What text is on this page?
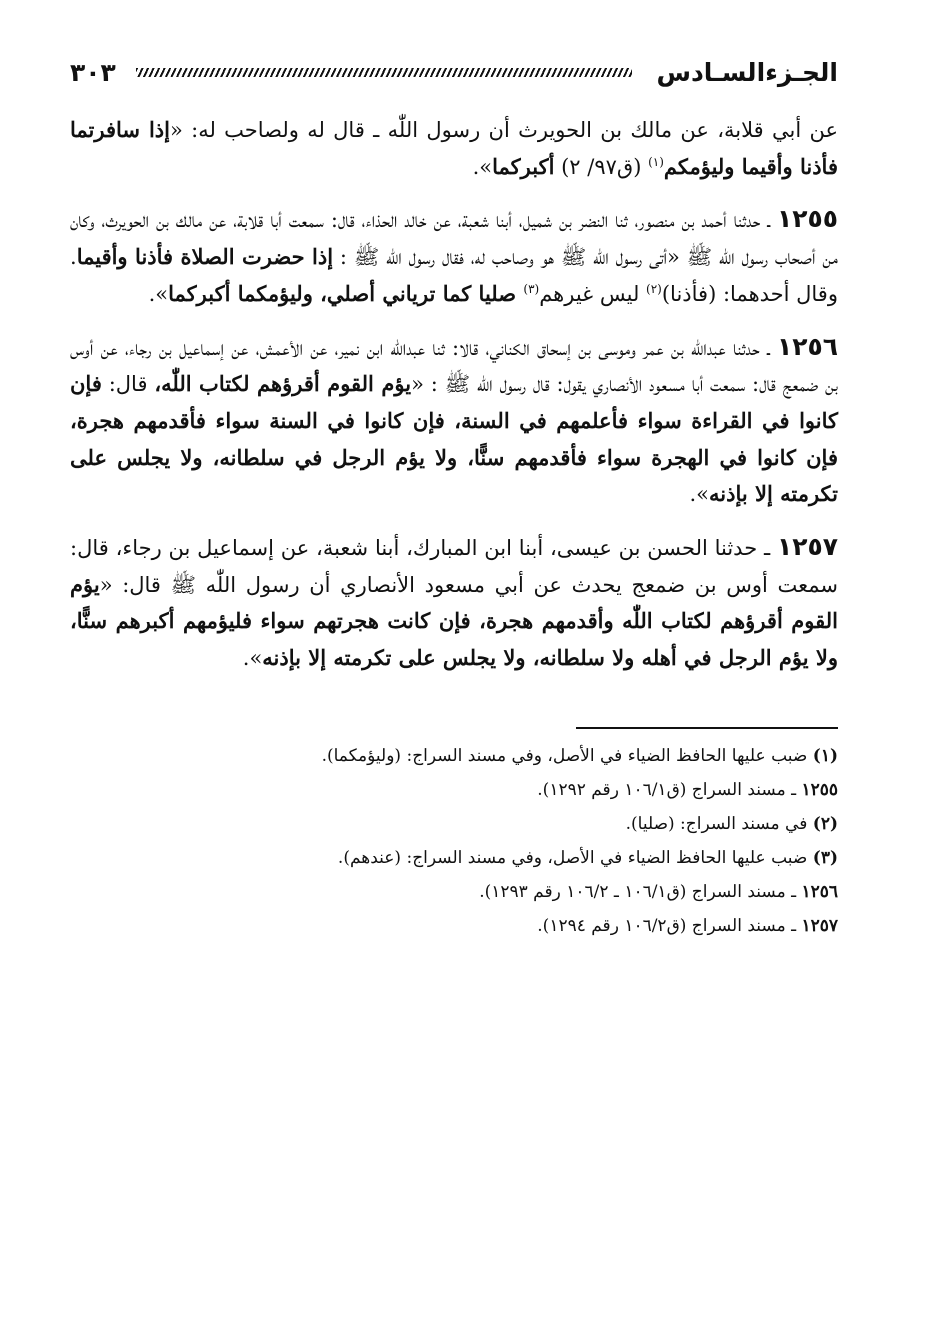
الجـزءالسـادس
٣٠٣

عن أبي قلابة، عن مالك بن الحويرث أن رسول اللّٰه ـ قال له ولصاحب له: «إذا سافرتما فأذنا وأقيما وليؤمكم$^{(١)}$ (ق٩٧/ ٢) أكبركما».

١٢٥٥ ـ حدثنا أحمد بن منصور، ثنا النضر بن شميل، أبنا شعبة، عن خالد الحذاء، قال: سمعت أبا قلابة، عن مالك بن الحويرث، وكان من أصحاب رسول اللّٰه ﷺ «أتى رسول اللّٰه ﷺ هو وصاحب له، فقال رسول اللّٰه ﷺ : إذا حضرت الصلاة فأذنا وأقيما. وقال أحدهما: (فأذنا)$^{(٢)}$ ليس غيرهم$^{(٣)}$ صليا كما ترياني أصلي، وليؤمكما أكبركما».

١٢٥٦ ـ حدثنا عبداللّٰه بن عمر وموسى بن إسحاق الكناني، قالا: ثنا عبداللّٰه ابن نمير، عن الأعمش، عن إسماعيل بن رجاء، عن أوس بن ضمعج قال: سمعت أبا مسعود الأنصاري يقول: قال رسول اللّٰه ﷺ : «يؤم القوم أقرؤهم لكتاب اللّٰه، قال: فإن كانوا في القراءة سواء فأعلمهم في السنة، فإن كانوا في السنة سواء فأقدمهم هجرة، فإن كانوا في الهجرة سواء فأقدمهم سنًّا، ولا يؤم الرجل في سلطانه، ولا يجلس على تكرمته إلا بإذنه».

١٢٥٧ ـ حدثنا الحسن بن عيسى، أبنا ابن المبارك، أبنا شعبة، عن إسماعيل بن رجاء، قال: سمعت أوس بن ضمعج يحدث عن أبي مسعود الأنصاري أن رسول اللّٰه ﷺ قال: «يؤم القوم أقرؤهم لكتاب اللّٰه وأقدمهم هجرة، فإن كانت هجرتهم سواء فليؤمهم أكبرهم سنًّا، ولا يؤم الرجل في أهله ولا سلطانه، ولا يجلس على تكرمته إلا بإذنه».

(١) ضبب عليها الحافظ الضياء في الأصل، وفي مسند السراج: (وليؤمكما).
١٢٥٥ ـ مسند السراج (ق١٠٦/١ رقم ١٢٩٢).
(٢) في مسند السراج: (صليا).
(٣) ضبب عليها الحافظ الضياء في الأصل، وفي مسند السراج: (عندهم).
١٢٥٦ ـ مسند السراج (ق١٠٦/١ ـ ١٠٦/٢ رقم ١٢٩٣).
١٢٥٧ ـ مسند السراج (ق١٠٦/٢ رقم ١٢٩٤).
